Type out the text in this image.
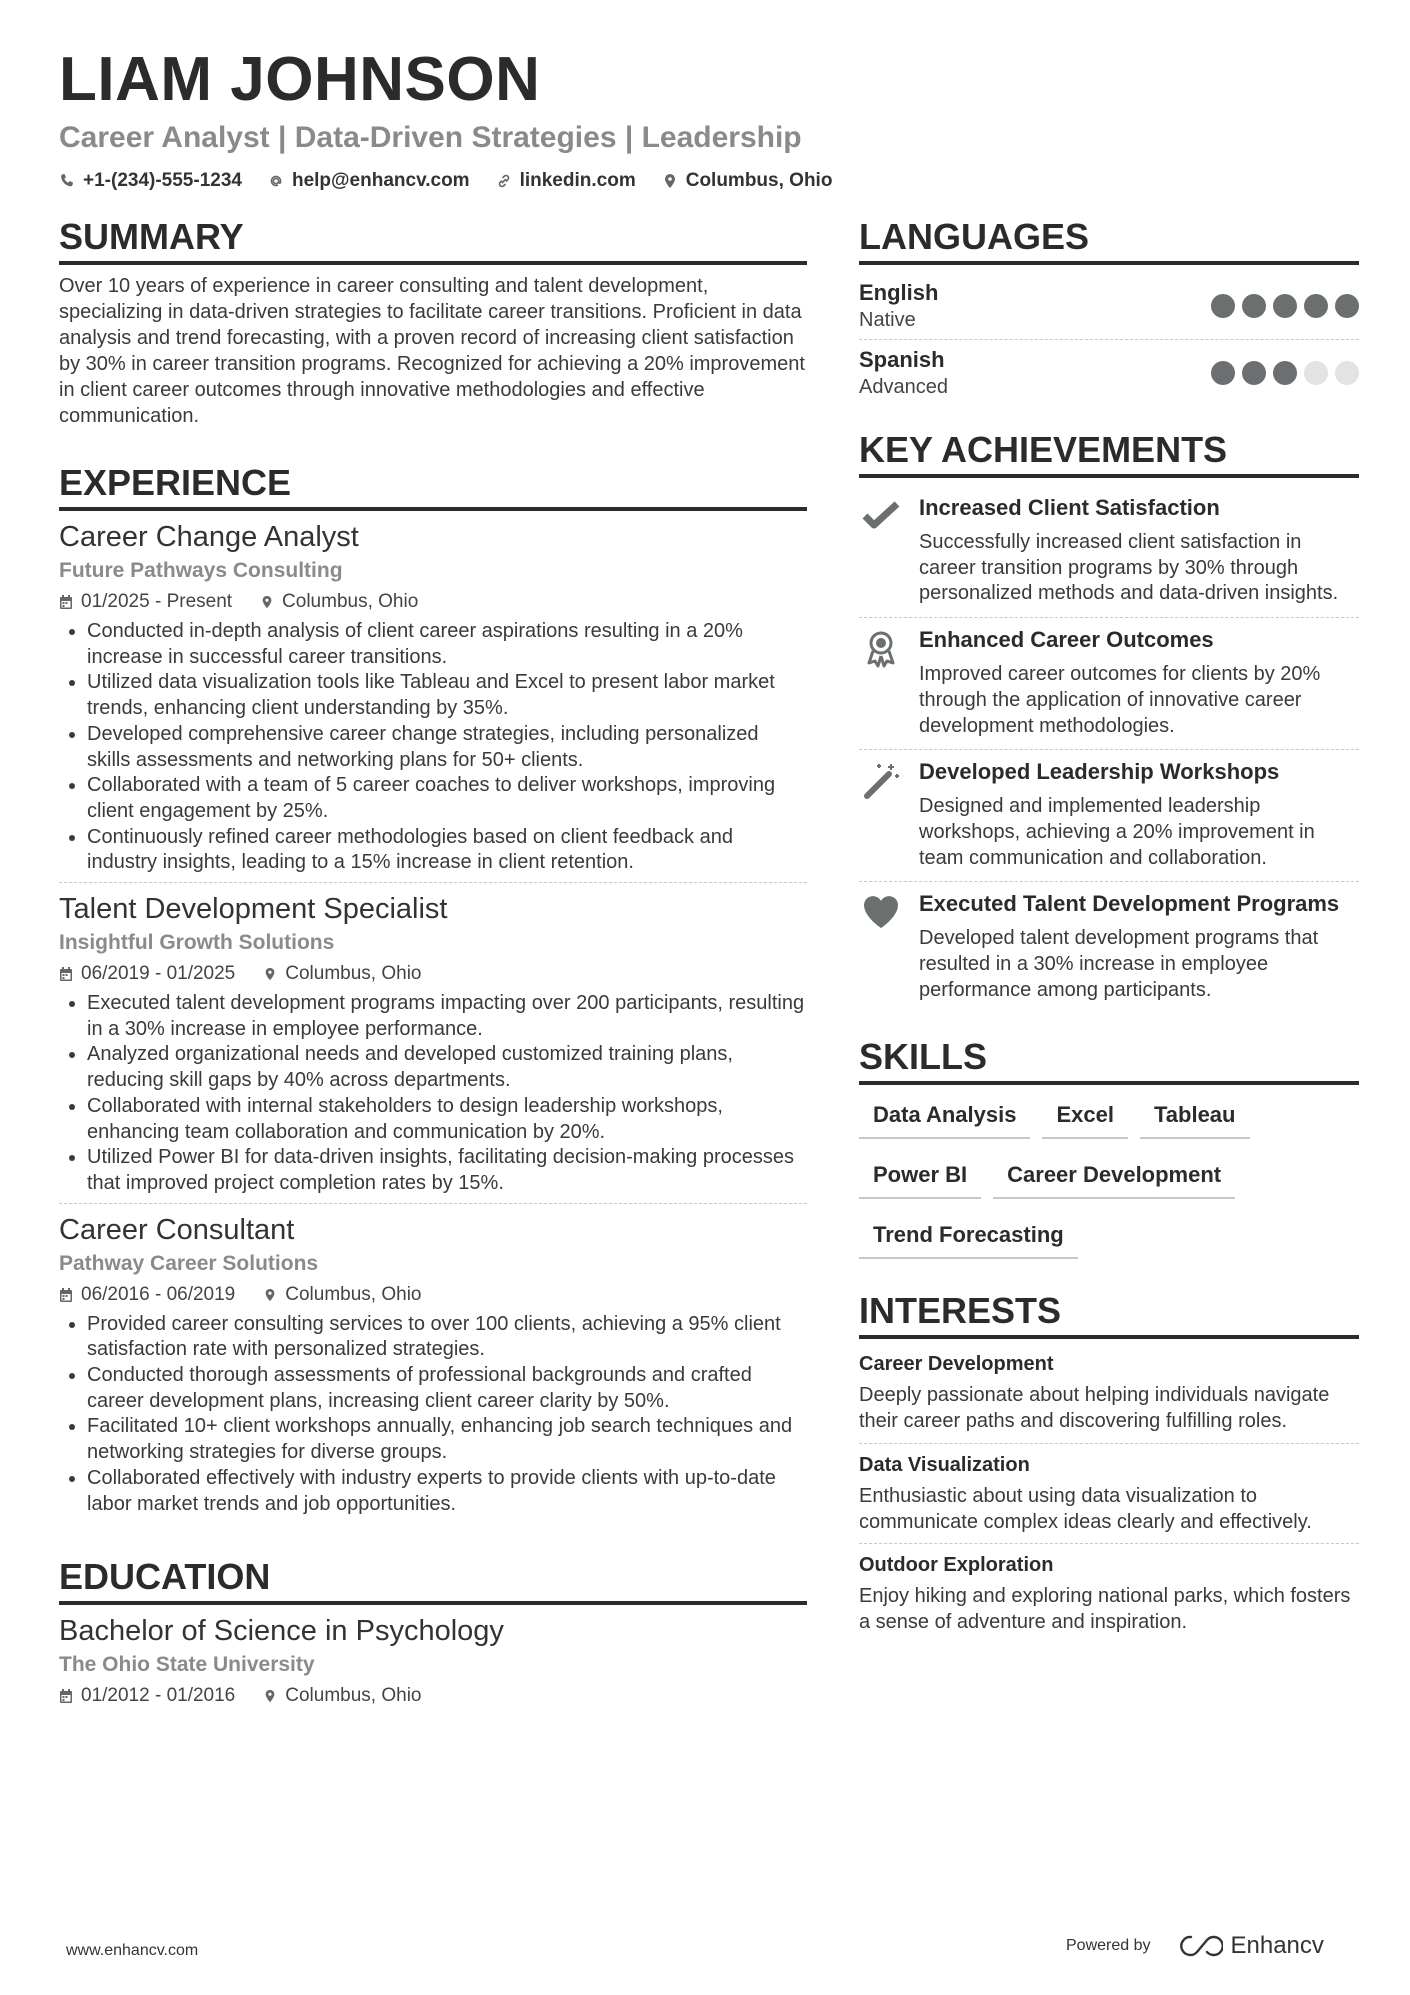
LIAM JOHNSON
Career Analyst | Data-Driven Strategies | Leadership
+1-(234)-555-1234	help@enhancv.com	linkedin.com	Columbus, Ohio
SUMMARY
Over 10 years of experience in career consulting and talent development, specializing in data-driven strategies to facilitate career transitions. Proficient in data analysis and trend forecasting, with a proven record of increasing client satisfaction by 30% in career transition programs. Recognized for achieving a 20% improvement in client career outcomes through innovative methodologies and effective communication.
EXPERIENCE
Career Change Analyst
Future Pathways Consulting
01/2025 - Present	Columbus, Ohio
• Conducted in-depth analysis of client career aspirations resulting in a 20% increase in successful career transitions.
• Utilized data visualization tools like Tableau and Excel to present labor market trends, enhancing client understanding by 35%.
• Developed comprehensive career change strategies, including personalized skills assessments and networking plans for 50+ clients.
• Collaborated with a team of 5 career coaches to deliver workshops, improving client engagement by 25%.
• Continuously refined career methodologies based on client feedback and industry insights, leading to a 15% increase in client retention.
Talent Development Specialist
Insightful Growth Solutions
06/2019 - 01/2025	Columbus, Ohio
• Executed talent development programs impacting over 200 participants, resulting in a 30% increase in employee performance.
• Analyzed organizational needs and developed customized training plans, reducing skill gaps by 40% across departments.
• Collaborated with internal stakeholders to design leadership workshops, enhancing team collaboration and communication by 20%.
• Utilized Power BI for data-driven insights, facilitating decision-making processes that improved project completion rates by 15%.
Career Consultant
Pathway Career Solutions
06/2016 - 06/2019	Columbus, Ohio
• Provided career consulting services to over 100 clients, achieving a 95% client satisfaction rate with personalized strategies.
• Conducted thorough assessments of professional backgrounds and crafted career development plans, increasing client career clarity by 50%.
• Facilitated 10+ client workshops annually, enhancing job search techniques and networking strategies for diverse groups.
• Collaborated effectively with industry experts to provide clients with up-to-date labor market trends and job opportunities.
EDUCATION
Bachelor of Science in Psychology
The Ohio State University
01/2012 - 01/2016	Columbus, Ohio
LANGUAGES
English
Native
Spanish
Advanced
KEY ACHIEVEMENTS
Increased Client Satisfaction
Successfully increased client satisfaction in career transition programs by 30% through personalized methods and data-driven insights.
Enhanced Career Outcomes
Improved career outcomes for clients by 20% through the application of innovative career development methodologies.
Developed Leadership Workshops
Designed and implemented leadership workshops, achieving a 20% improvement in team communication and collaboration.
Executed Talent Development Programs
Developed talent development programs that resulted in a 30% increase in employee performance among participants.
SKILLS
Data Analysis	Excel	Tableau
Power BI	Career Development
Trend Forecasting
INTERESTS
Career Development
Deeply passionate about helping individuals navigate their career paths and discovering fulfilling roles.
Data Visualization
Enthusiastic about using data visualization to communicate complex ideas clearly and effectively.
Outdoor Exploration
Enjoy hiking and exploring national parks, which fosters a sense of adventure and inspiration.
www.enhancv.com	Powered by	Enhancv
